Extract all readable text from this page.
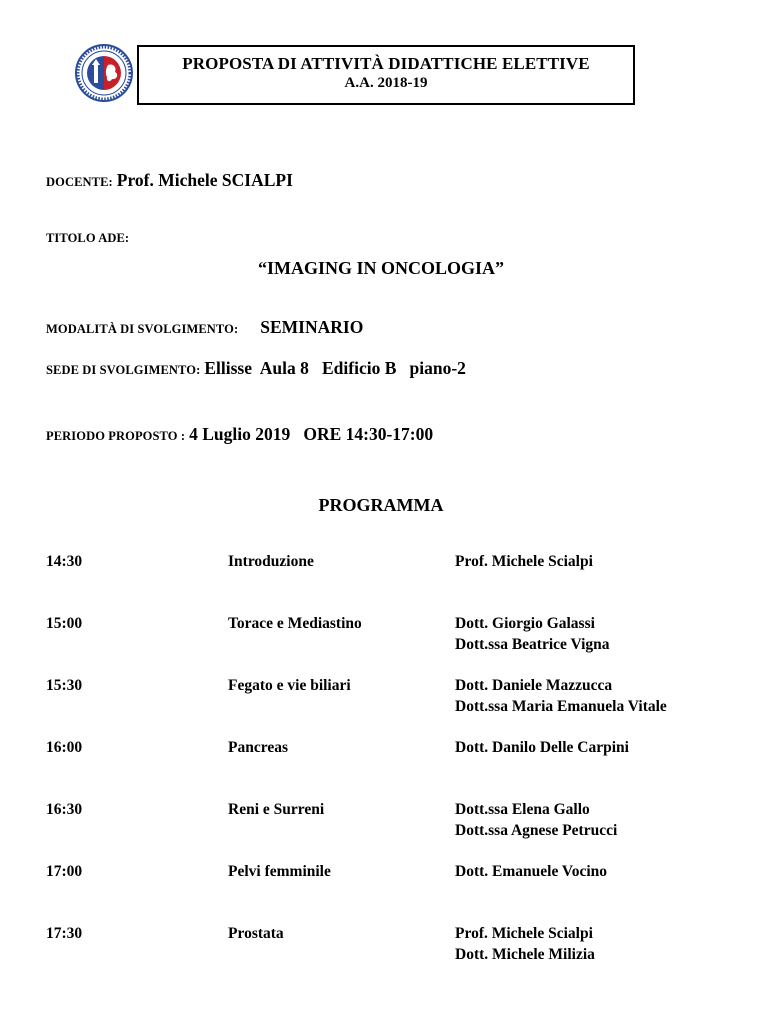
PROPOSTA DI ATTIVITÀ DIDATTICHE ELETTIVE
A.A. 2018-19
DOCENTE: Prof. Michele SCIALPI
TITOLO ADE:
“IMAGING IN ONCOLOGIA”
MODALITÀ DI SVOLGIMENTO: SEMINARIO
SEDE DI SVOLGIMENTO: Ellisse  Aula 8   Edificio B   piano-2
PERIODO PROPOSTO : 4 Luglio 2019   ORE 14:30-17:00
PROGRAMMA
14:30	Introduzione	Prof. Michele Scialpi
15:00	Torace e Mediastino	Dott. Giorgio Galassi
Dott.ssa Beatrice Vigna
15:30	Fegato e vie biliari	Dott. Daniele Mazzucca
Dott.ssa Maria Emanuela Vitale
16:00	Pancreas	Dott. Danilo Delle Carpini
16:30	Reni e Surreni	Dott.ssa Elena Gallo
Dott.ssa Agnese Petrucci
17:00	Pelvi femminile	Dott. Emanuele Vocino
17:30	Prostata	Prof. Michele Scialpi
Dott. Michele Milizia
